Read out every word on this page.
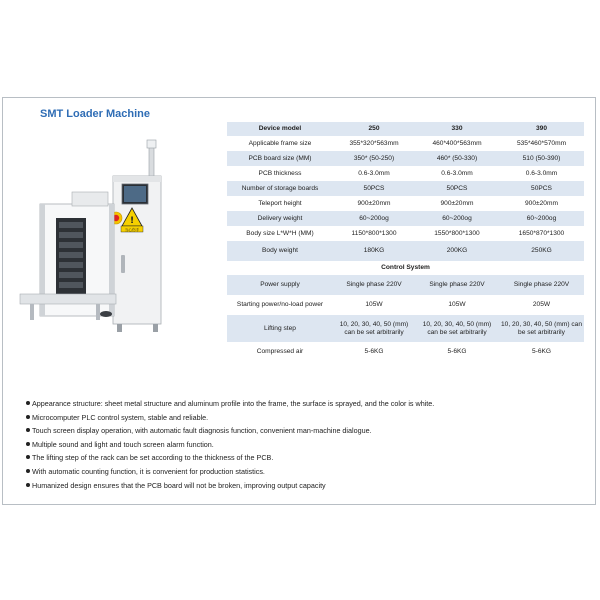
SMT Loader Machine
!
当心伤手
Device model	250	330	390
Applicable frame size	355*320*563mm	460*400*563mm	535*460*570mm
PCB board size (MM)	350* (50-250)	460* (50-330)	510 (50-390)
PCB thickness	0.6-3.0mm	0.6-3.0mm	0.6-3.0mm
Number of storage boards	50PCS	50PCS	50PCS
Teleport height	900±20mm	900±20mm	900±20mm
Delivery weight	60~200og	60~200og	60~200og
Body size L*W*H (MM)	1150*800*1300	1550*800*1300	1650*870*1300
Body weight	180KG	200KG	250KG
Control System			
Power supply	Single phase 220V	Single phase 220V	Single phase 220V
Starting power/no-load power	105W	105W	205W
Lifting step	10, 20, 30, 40, 50 (mm) can be set arbitrarily	10, 20, 30, 40, 50 (mm) can be set arbitrarily	10, 20, 30, 40, 50 (mm) can be set arbitrarily
Compressed air	5-6KG	5-6KG	5-6KG
Appearance structure: sheet metal structure and aluminum profile into the frame, the surface is sprayed, and the color is white.
Microcomputer PLC control system, stable and reliable.
Touch screen display operation, with automatic fault diagnosis function, convenient man-machine dialogue.
Multiple sound and light and touch screen alarm function.
The lifting step of the rack can be set according to the thickness of the PCB.
With automatic counting function, it is convenient for production statistics.
Humanized design ensures that the PCB board will not be broken, improving output capacity
